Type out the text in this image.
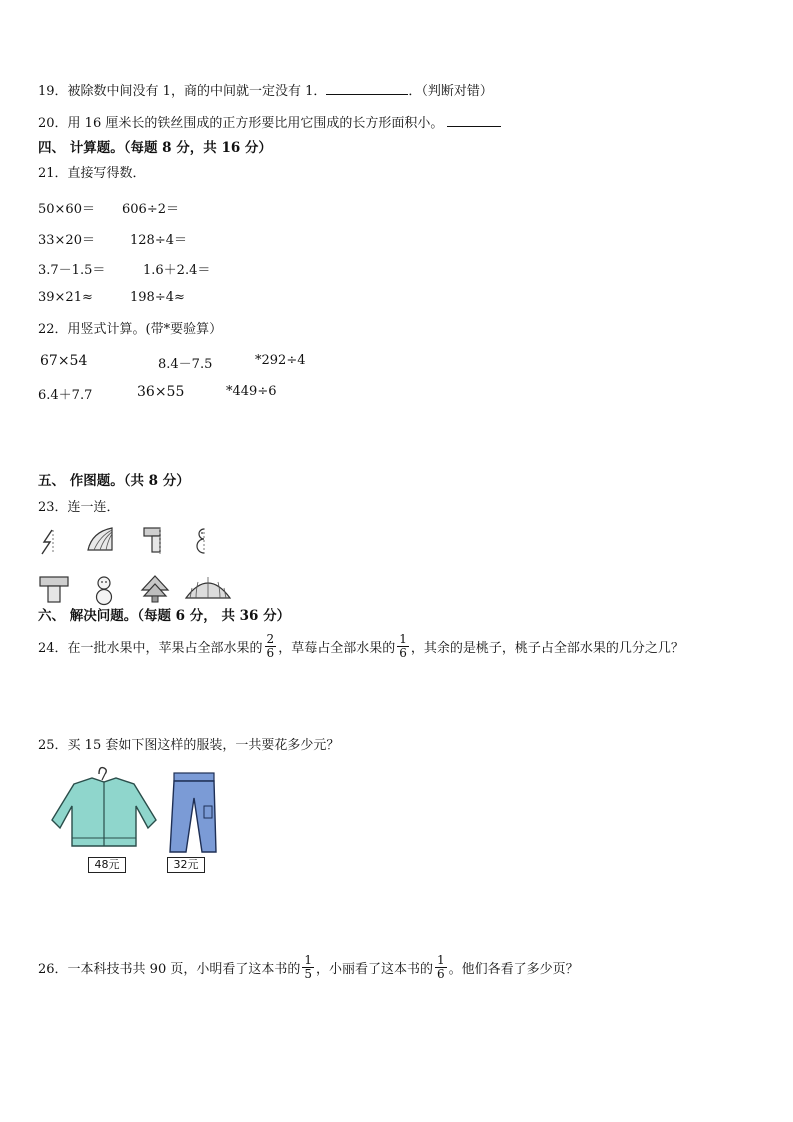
19．被除数中间没有 1，商的中间就一定没有 1．	．（判断对错）
20．用 16 厘米长的铁丝围成的正方形要比用它围成的长方形面积小。
四、 计算题。（每题 8 分，共 16 分）
21．直接写得数．
50×60＝ 606÷2＝
33×20＝	128÷4＝
3.7－1.5＝	1.6＋2.4＝
39×21≈	198÷4≈
22．用竖式计算。(带*要验算）
67×54	8.4－7.5	*292÷4
6.4＋7.7	36×55	*449÷6
五、 作图题。（共 8 分）
23．连一连．
六、 解决问题。（每题 6 分， 共 36 分）
24．在一批水果中，苹果占全部水果的 $\frac{2}{6}$ ，草莓占全部水果的 $\frac{1}{6}$ ，其余的是桃子，桃子占全部水果的几分之几？
25．买 15 套如下图这样的服装，一共要花多少元？
48元	32元
26．一本科技书共 90 页，小明看了这本书的 $\frac{1}{5}$ ，小丽看了这本书的 $\frac{1}{6}$ 。他们各看了多少页？
